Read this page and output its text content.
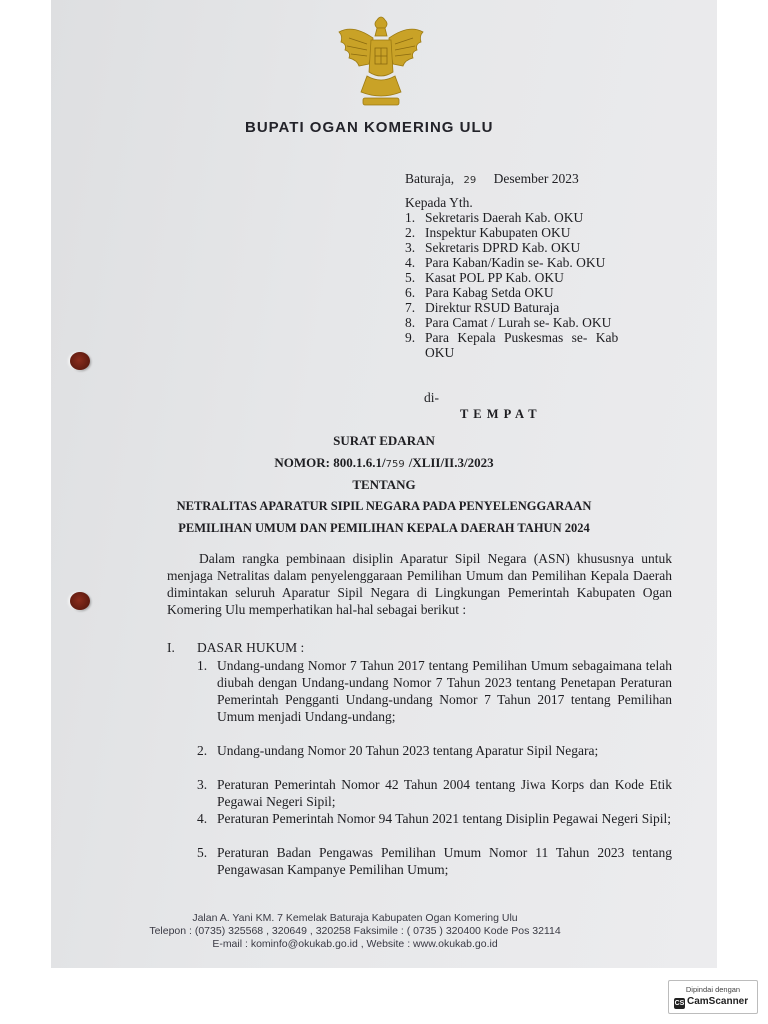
BUPATI OGAN KOMERING ULU
Baturaja, 29 Desember 2023
Kepada Yth.
1. Sekretaris Daerah Kab. OKU
2. Inspektur Kabupaten OKU
3. Sekretaris DPRD Kab. OKU
4. Para Kaban/Kadin se- Kab. OKU
5. Kasat POL PP Kab. OKU
6. Para Kabag Setda OKU
7. Direktur RSUD Baturaja
8. Para Camat / Lurah se- Kab. OKU
9. Para Kepala Puskesmas se- Kab
OKU
di-
T E M P A T
SURAT EDARAN
NOMOR: 800.1.6.1/759 /XLII/II.3/2023
TENTANG
NETRALITAS APARATUR SIPIL NEGARA PADA PENYELENGGARAAN
PEMILIHAN UMUM DAN PEMILIHAN KEPALA DAERAH TAHUN 2024
Dalam rangka pembinaan disiplin Aparatur Sipil Negara (ASN) khususnya untuk menjaga Netralitas dalam penyelenggaraan Pemilihan Umum dan Pemilihan Kepala Daerah dimintakan seluruh Aparatur Sipil Negara di Lingkungan Pemerintah Kabupaten Ogan Komering Ulu memperhatikan hal-hal sebagai berikut :
I. DASAR HUKUM :
1. Undang-undang Nomor 7 Tahun 2017 tentang Pemilihan Umum sebagaimana telah diubah dengan Undang-undang Nomor 7 Tahun 2023 tentang Penetapan Peraturan Pemerintah Pengganti Undang-undang Nomor 7 Tahun 2017 tentang Pemilihan Umum menjadi Undang-undang;
2. Undang-undang Nomor 20 Tahun 2023 tentang Aparatur Sipil Negara;
3. Peraturan Pemerintah Nomor 42 Tahun 2004 tentang Jiwa Korps dan Kode Etik Pegawai Negeri Sipil;
4. Peraturan Pemerintah Nomor 94 Tahun 2021 tentang Disiplin Pegawai Negeri Sipil;
5. Peraturan Badan Pengawas Pemilihan Umum Nomor 11 Tahun 2023 tentang Pengawasan Kampanye Pemilihan Umum;
Jalan A. Yani KM. 7 Kemelak Baturaja Kabupaten Ogan Komering Ulu
Telepon : (0735) 325568 , 320649 , 320258 Faksimile : ( 0735 ) 320400 Kode Pos 32114
E-mail : kominfo@okukab.go.id , Website : www.okukab.go.id
Dipindai dengan
CS CamScanner
